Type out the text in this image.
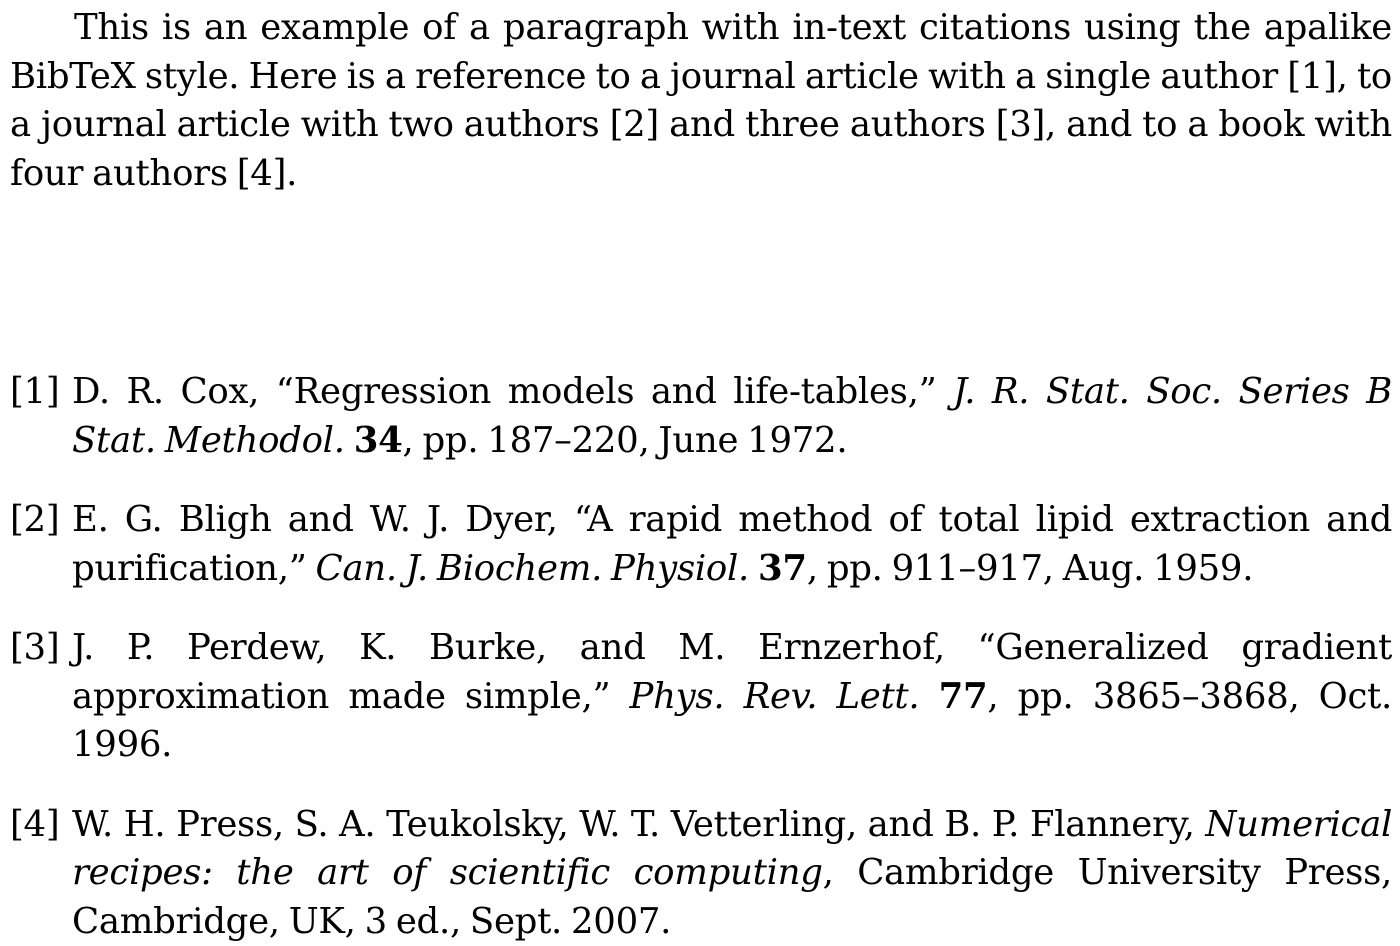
This is an example of a paragraph with in-text citations using the apalike BibTeX style. Here is a reference to a journal article with a single author [1], to a journal article with two authors [2] and three authors [3], and to a book with four authors [4].

[1] D. R. Cox, “Regression models and life-tables,” J. R. Stat. Soc. Series B Stat. Methodol. 34, pp. 187–220, June 1972.
[2] E. G. Bligh and W. J. Dyer, “A rapid method of total lipid extraction and purification,” Can. J. Biochem. Physiol. 37, pp. 911–917, Aug. 1959.
[3] J. P. Perdew, K. Burke, and M. Ernzerhof, “Generalized gradient approximation made simple,” Phys. Rev. Lett. 77, pp. 3865–3868, Oct. 1996.
[4] W. H. Press, S. A. Teukolsky, W. T. Vetterling, and B. P. Flannery, Numerical recipes: the art of scientific computing, Cambridge University Press, Cambridge, UK, 3 ed., Sept. 2007.
